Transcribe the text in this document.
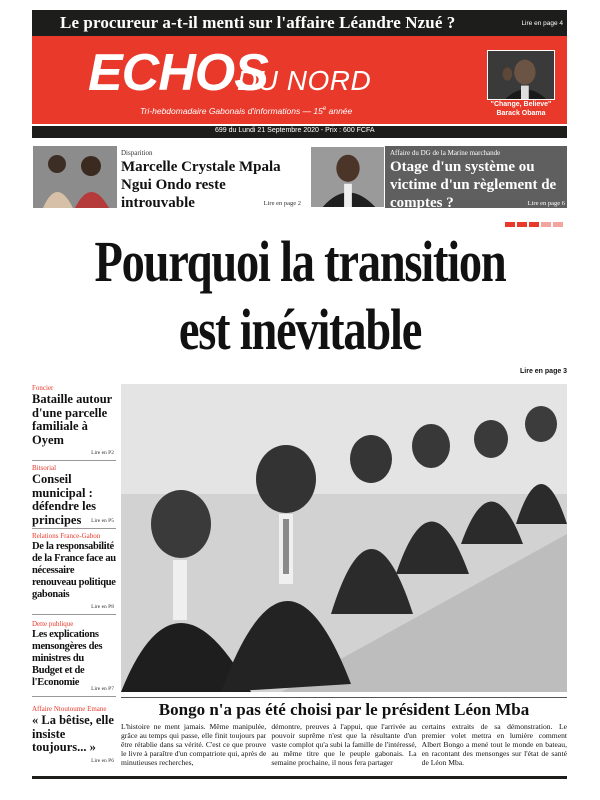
Le procureur a-t-il menti sur l'affaire Léandre Nzué ?	Lire en page 4
ECHOS
DU NORD
Tri-hebdomadaire Gabonais d'informations — 15e année
"Change, Believe"
Barack Obama
699 du Lundi 21 Septembre 2020 - Prix : 600 FCFA
Disparition
Marcelle Crystale Mpala Ngui Ondo reste introuvable	Lire en page 2
Affaire du DG de la Marine marchande
Otage d'un système ou victime d'un règlement de comptes ?	Lire en page 6
Pourquoi la transition
est inévitable
Lire en page 3
Foncier
Bataille autour d'une parcelle familiale à Oyem
Lire en P2
Bitsorial
Conseil municipal : défendre les principes	Lire en P5
Relations France-Gabon
De la responsabilité de la France face au nécessaire renouveau politique gabonais
Lire en P8
Dette publique
Les explications mensongères des ministres du Budget et de l'Economie
Lire en P7
Affaire Ntoutoume Emane
« La bêtise, elle insiste toujours... »
Lire en P6
Bongo n'a pas été choisi par le président Léon Mba

L'histoire ne ment jamais. Même manipulée, grâce au temps qui passe, elle finit toujours par être rétablie dans sa vérité. C'est ce que prouve le livre à paraître d'un compatriote qui, après de minutieuses recherches,

démontre, preuves à l'appui, que l'arrivée au pouvoir suprême n'est que la résultante d'un vaste complot qu'a subi la famille de l'intéressé, au même titre que le peuple gabonais. La semaine prochaine, il nous fera partager

certains extraits de sa démonstration. Le premier volet mettra en lumière comment Albert Bongo a mené tout le monde en bateau, en racontant des mensonges sur l'état de santé de Léon Mba.
